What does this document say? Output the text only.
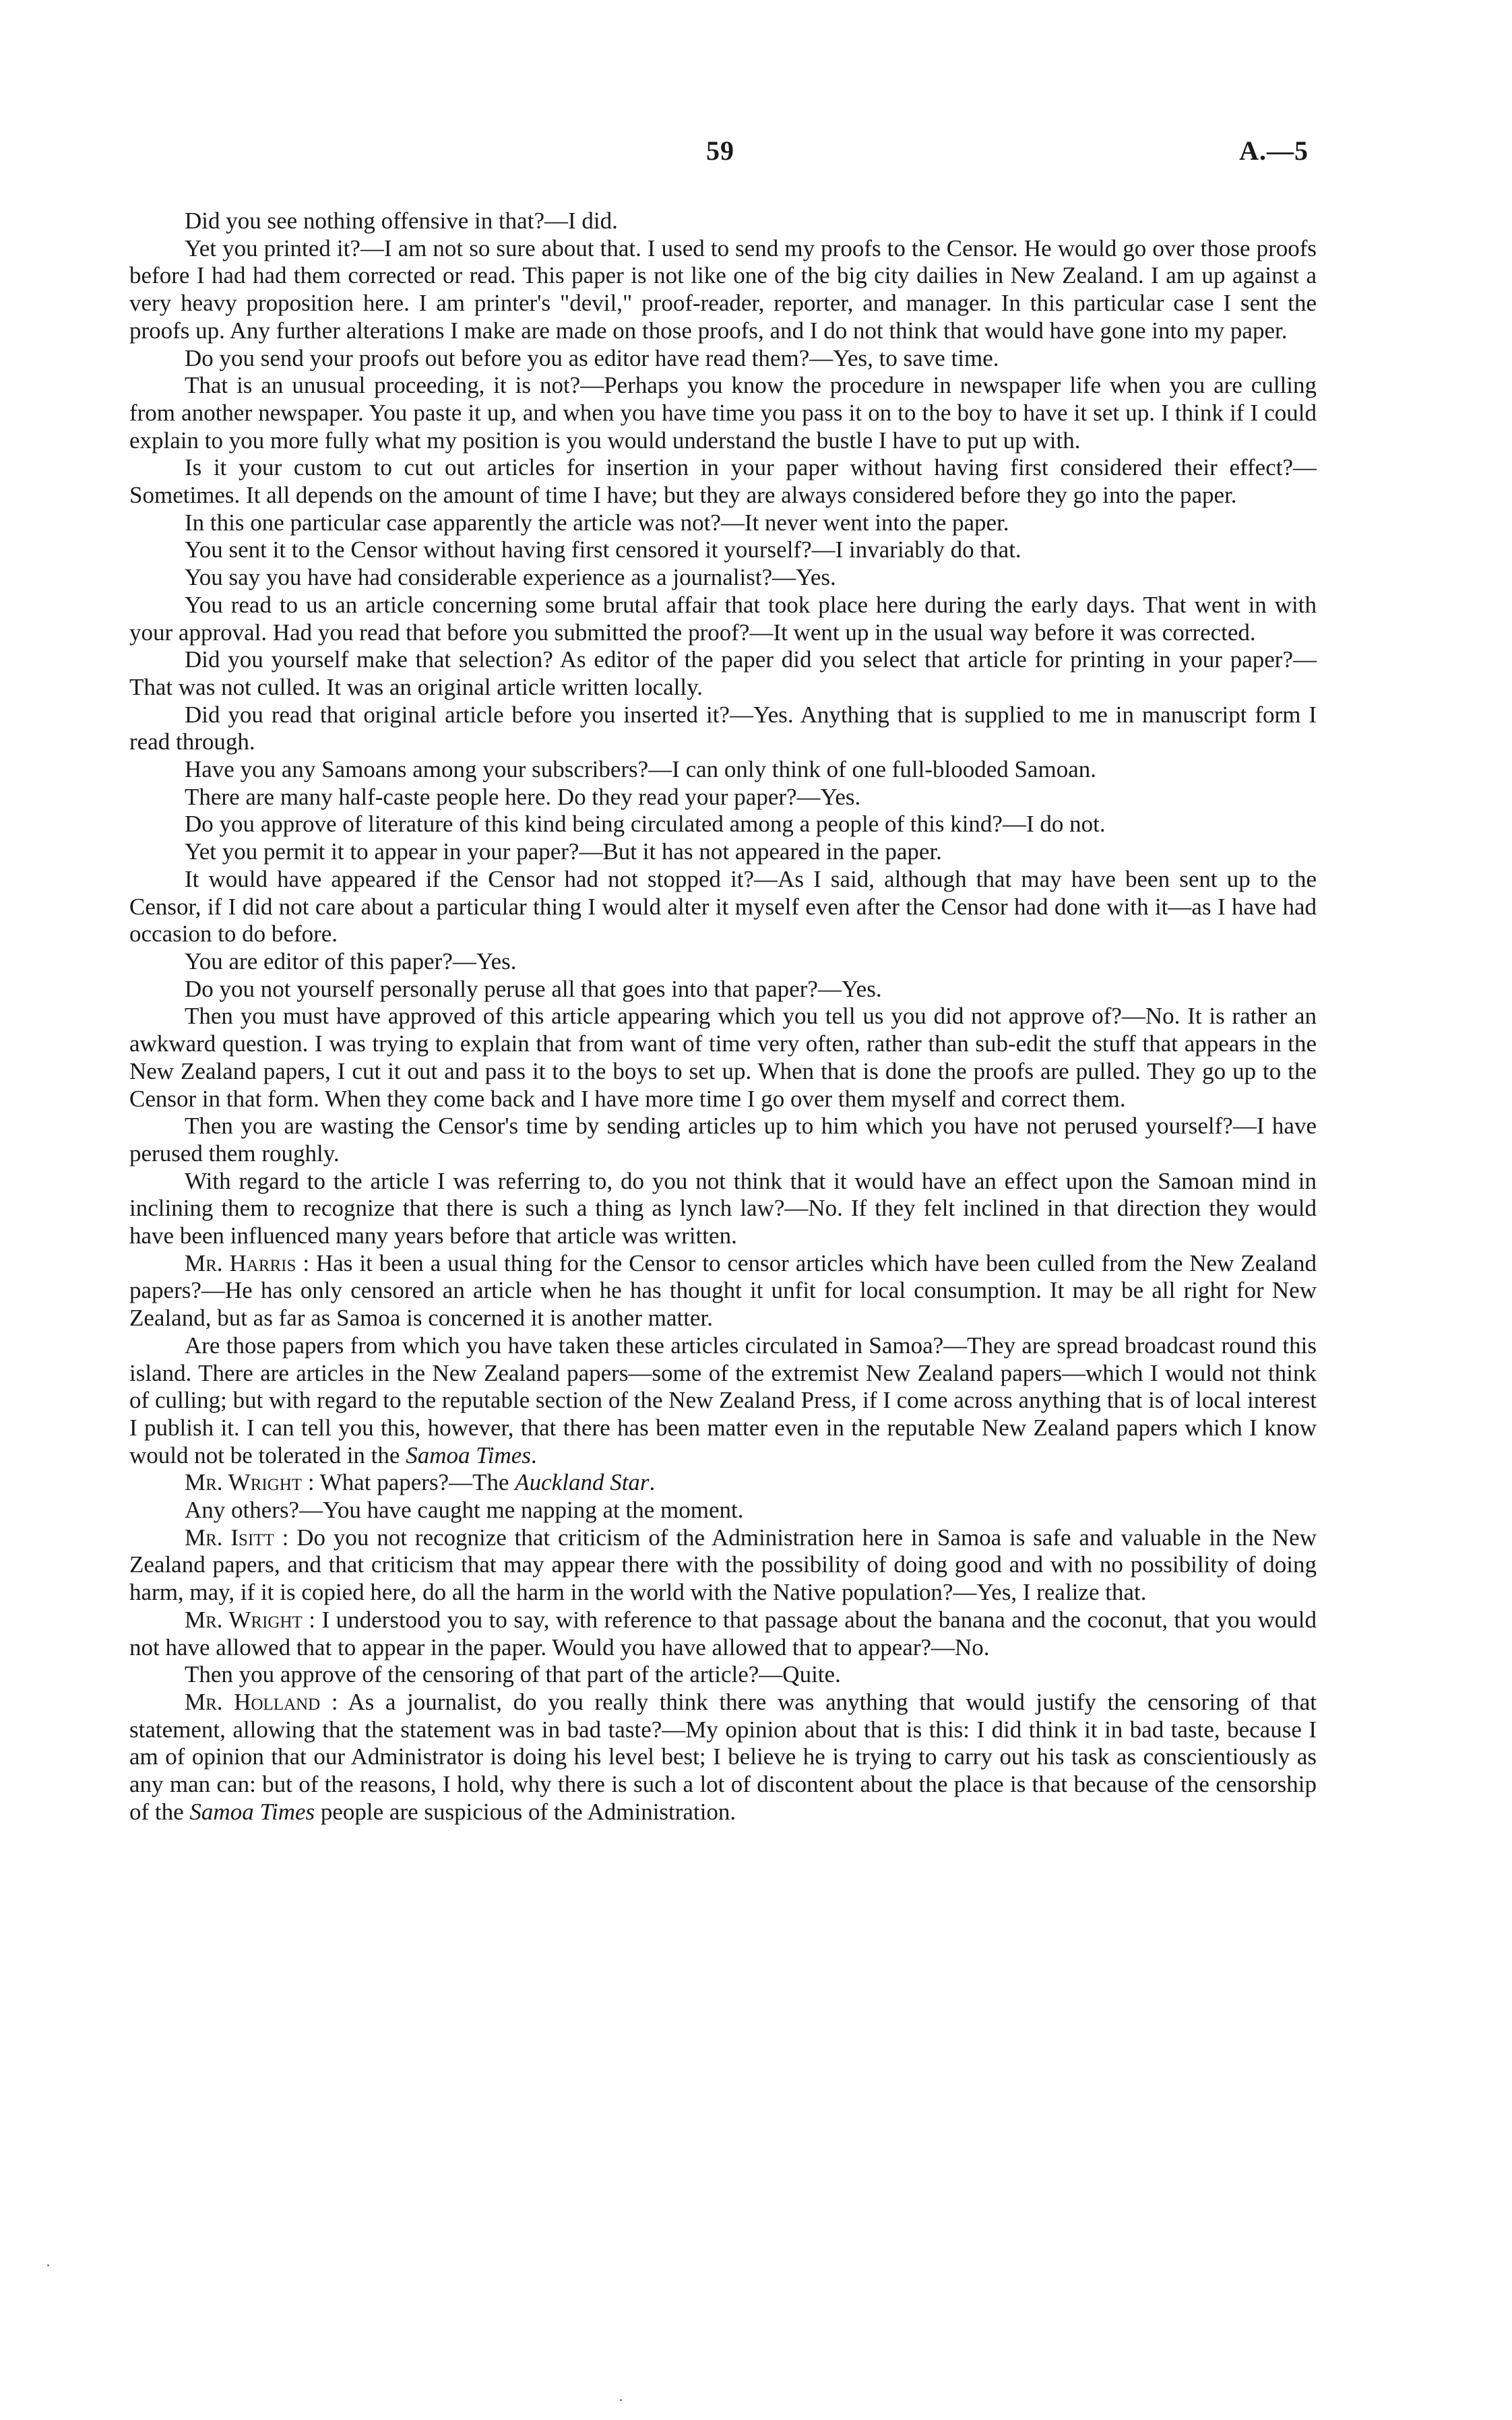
59	A.—5

Did you see nothing offensive in that?—I did.

Yet you printed it?—I am not so sure about that. I used to send my proofs to the Censor. He would go over those proofs before I had had them corrected or read. This paper is not like one of the big city dailies in New Zealand. I am up against a very heavy proposition here. I am printer's "devil," proof-reader, reporter, and manager. In this particular case I sent the proofs up. Any further alterations I make are made on those proofs, and I do not think that would have gone into my paper.

Do you send your proofs out before you as editor have read them?—Yes, to save time.

That is an unusual proceeding, it is not?—Perhaps you know the procedure in newspaper life when you are culling from another newspaper. You paste it up, and when you have time you pass it on to the boy to have it set up. I think if I could explain to you more fully what my position is you would understand the bustle I have to put up with.

Is it your custom to cut out articles for insertion in your paper without having first considered their effect?—Sometimes. It all depends on the amount of time I have; but they are always considered before they go into the paper.

In this one particular case apparently the article was not?—It never went into the paper.

You sent it to the Censor without having first censored it yourself?—I invariably do that.

You say you have had considerable experience as a journalist?—Yes.

You read to us an article concerning some brutal affair that took place here during the early days. That went in with your approval. Had you read that before you submitted the proof?—It went up in the usual way before it was corrected.

Did you yourself make that selection? As editor of the paper did you select that article for printing in your paper?—That was not culled. It was an original article written locally.

Did you read that original article before you inserted it?—Yes. Anything that is supplied to me in manuscript form I read through.

Have you any Samoans among your subscribers?—I can only think of one full-blooded Samoan.

There are many half-caste people here. Do they read your paper?—Yes.

Do you approve of literature of this kind being circulated among a people of this kind?—I do not.

Yet you permit it to appear in your paper?—But it has not appeared in the paper.

It would have appeared if the Censor had not stopped it?—As I said, although that may have been sent up to the Censor, if I did not care about a particular thing I would alter it myself even after the Censor had done with it—as I have had occasion to do before.

You are editor of this paper?—Yes.

Do you not yourself personally peruse all that goes into that paper?—Yes.

Then you must have approved of this article appearing which you tell us you did not approve of?—No. It is rather an awkward question. I was trying to explain that from want of time very often, rather than sub-edit the stuff that appears in the New Zealand papers, I cut it out and pass it to the boys to set up. When that is done the proofs are pulled. They go up to the Censor in that form. When they come back and I have more time I go over them myself and correct them.

Then you are wasting the Censor's time by sending articles up to him which you have not perused yourself?—I have perused them roughly.

With regard to the article I was referring to, do you not think that it would have an effect upon the Samoan mind in inclining them to recognize that there is such a thing as lynch law?—No. If they felt inclined in that direction they would have been influenced many years before that article was written.

Mr. Harris : Has it been a usual thing for the Censor to censor articles which have been culled from the New Zealand papers?—He has only censored an article when he has thought it unfit for local consumption. It may be all right for New Zealand, but as far as Samoa is concerned it is another matter.

Are those papers from which you have taken these articles circulated in Samoa?—They are spread broadcast round this island. There are articles in the New Zealand papers—some of the extremist New Zealand papers—which I would not think of culling; but with regard to the reputable section of the New Zealand Press, if I come across anything that is of local interest I publish it. I can tell you this, however, that there has been matter even in the reputable New Zealand papers which I know would not be tolerated in the Samoa Times.

Mr. Wright : What papers?—The Auckland Star.

Any others?—You have caught me napping at the moment.

Mr. Isitt : Do you not recognize that criticism of the Administration here in Samoa is safe and valuable in the New Zealand papers, and that criticism that may appear there with the possibility of doing good and with no possibility of doing harm, may, if it is copied here, do all the harm in the world with the Native population?—Yes, I realize that.

Mr. Wright : I understood you to say, with reference to that passage about the banana and the coconut, that you would not have allowed that to appear in the paper. Would you have allowed that to appear?—No.

Then you approve of the censoring of that part of the article?—Quite.

Mr. Holland : As a journalist, do you really think there was anything that would justify the censoring of that statement, allowing that the statement was in bad taste?—My opinion about that is this: I did think it in bad taste, because I am of opinion that our Administrator is doing his level best; I believe he is trying to carry out his task as conscientiously as any man can: but of the reasons, I hold, why there is such a lot of discontent about the place is that because of the censorship of the Samoa Times people are suspicious of the Administration.
